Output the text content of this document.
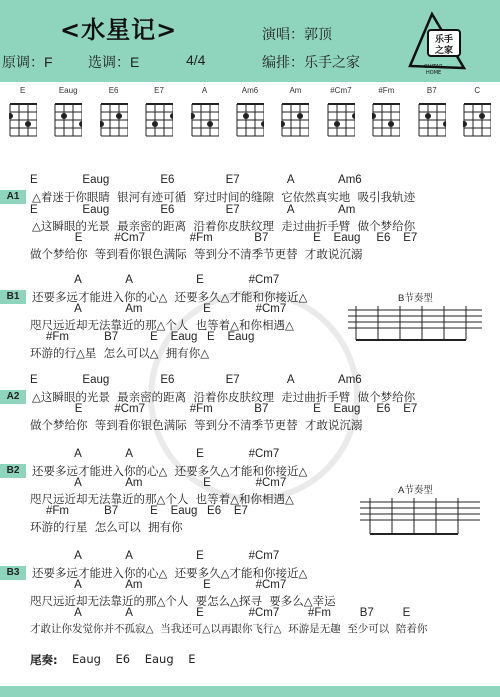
<水星记>
原调：F	选调：E	4/4
演唱：郭顶
编排：乐手之家
乐手
之家
GUITAR
HOME
E	Eaug	E6	E7	A	Am6	Am	#Cm7	#Fm	B7	C
E              Eaug                E6                E7               A              Am6
A1	△着迷于你眼睛  银河有迹可循  穿过时间的缝隙  它依然真实地  吸引我轨迹
E              Eaug                E6                E7               A              Am
△这瞬眼的光景  最亲密的距离  沿着你皮肤纹理  走过曲折手臂  做个梦给你
E          #Cm7              #Fm             B7              E    Eaug     E6    E7
做个梦给你  等到看你银色满际  等到分不清季节更替  才敢说沉溺
A              A                    E              #Cm7
B1	还要多远才能进入你的心△  还要多久△才能和你接近△	B节奏型
A              Am                   E              #Cm7
咫尺远近却无法靠近的那△个人  也等着△和你相遇△
#Fm           B7          E    Eaug   E    Eaug
环游的行△星  怎么可以△  拥有你△
E              Eaug                E6                E7               A              Am6
A2	△这瞬眼的光景  最亲密的距离  沿着你皮肤纹理  走过曲折手臂  做个梦给你
E          #Cm7              #Fm             B7              E    Eaug     E6    E7
做个梦给你  等到看你银色满际  等到分不清季节更替  才敢说沉溺
A              A                    E              #Cm7
B2	还要多远才能进入你的心△  还要多久△才能和你接近△
A              Am                   E              #Cm7
咫尺远近却无法靠近的那△个人  也等着△和你相遇△
A节奏型
#Fm           B7          E    Eaug   E6    E7
环游的行星  怎么可以  拥有你
A              A                    E              #Cm7
B3	还要多远才能进入你的心△  还要多久△才能和你接近△
A              Am                   E              #Cm7
咫尺远近却无法靠近的那△个人  要怎么△探寻  要多么△幸运
A              A                    E              #Cm7         #Fm         B7         E
才敢让你发觉你并不孤寂△  当我还可△以再跟你飞行△  环游是无趣  至少可以  陪着你
尾奏: Eaug    E6    Eaug    E
